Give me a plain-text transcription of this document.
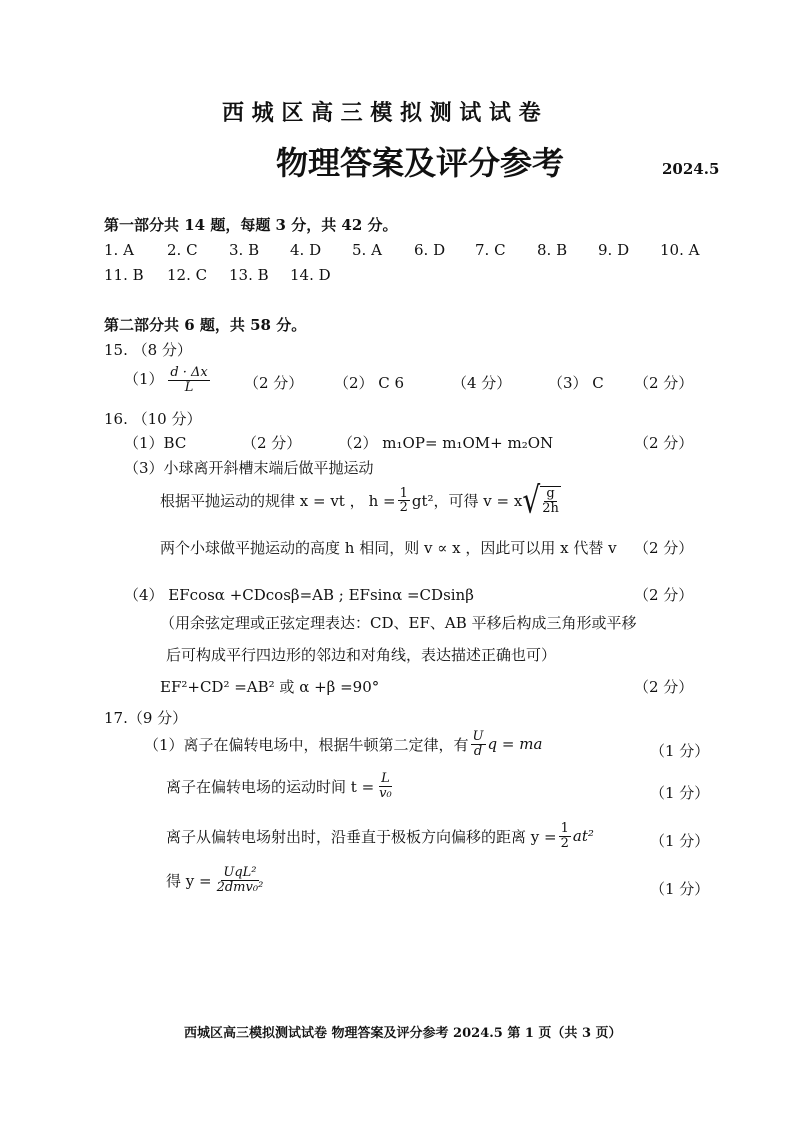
西 城 区 高 三 模 拟 测 试 试 卷
物理答案及评分参考	2024.5
第一部分共 14 题，每题 3 分，共 42 分。
1. A 2. C 3. B 4. D 5. A 6. D 7. C 8. B 9. D 10. A
11. B 12. C 13. B 14. D
第二部分共 6 题，共 58 分。
15. （8 分）
$(1) \frac{d \cdot \Delta x}{L} (2$ 分） （2） C 6	（4 分） （3） C （2 分）
16. （10 分）
（1）BC	（2 分） （2） m₁OP= m₁OM+ m₂ON	（2 分）
（3）小球离开斜槽末端后做平抛运动
根据平抛运动的规律 x = vt ， $h = \frac{1}{2} gt^2$，可得 v = x √ $\frac{g}{2h}$
两个小球做平抛运动的高度 h 相同，则 v ∝ x ，因此可以用 x 代替 v （2 分）
（4） EFcosα +CDcosβ=AB ; EFsinα =CDsinβ	（2 分）
（用余弦定理或正弦定理表达：CD、EF、AB 平移后构成三角形或平移
后可构成平行四边形的邻边和对角线，表达描述正确也可）
EF²+CD² =AB² 或 α +β =90°	（2 分）
17.（9 分）
（1）离子在偏转电场中，根据牛顿第二定律，有 $\frac{U}{d}$ q = ma	（1 分）
离子在偏转电场的运动时间 $t = \frac{L}{\text{v₀}}$	（1 分）
离子从偏转电场射出时，沿垂直于极板方向偏移的距离 $y = \frac{1}{2} at^2$	（1 分）
得 $y = \frac{\text{UqL²}}{\text{2dmv₀²}}$	（1 分）
西城区高三模拟测试试卷 物理答案及评分参考 2024.5 第 1 页（共 3 页）
